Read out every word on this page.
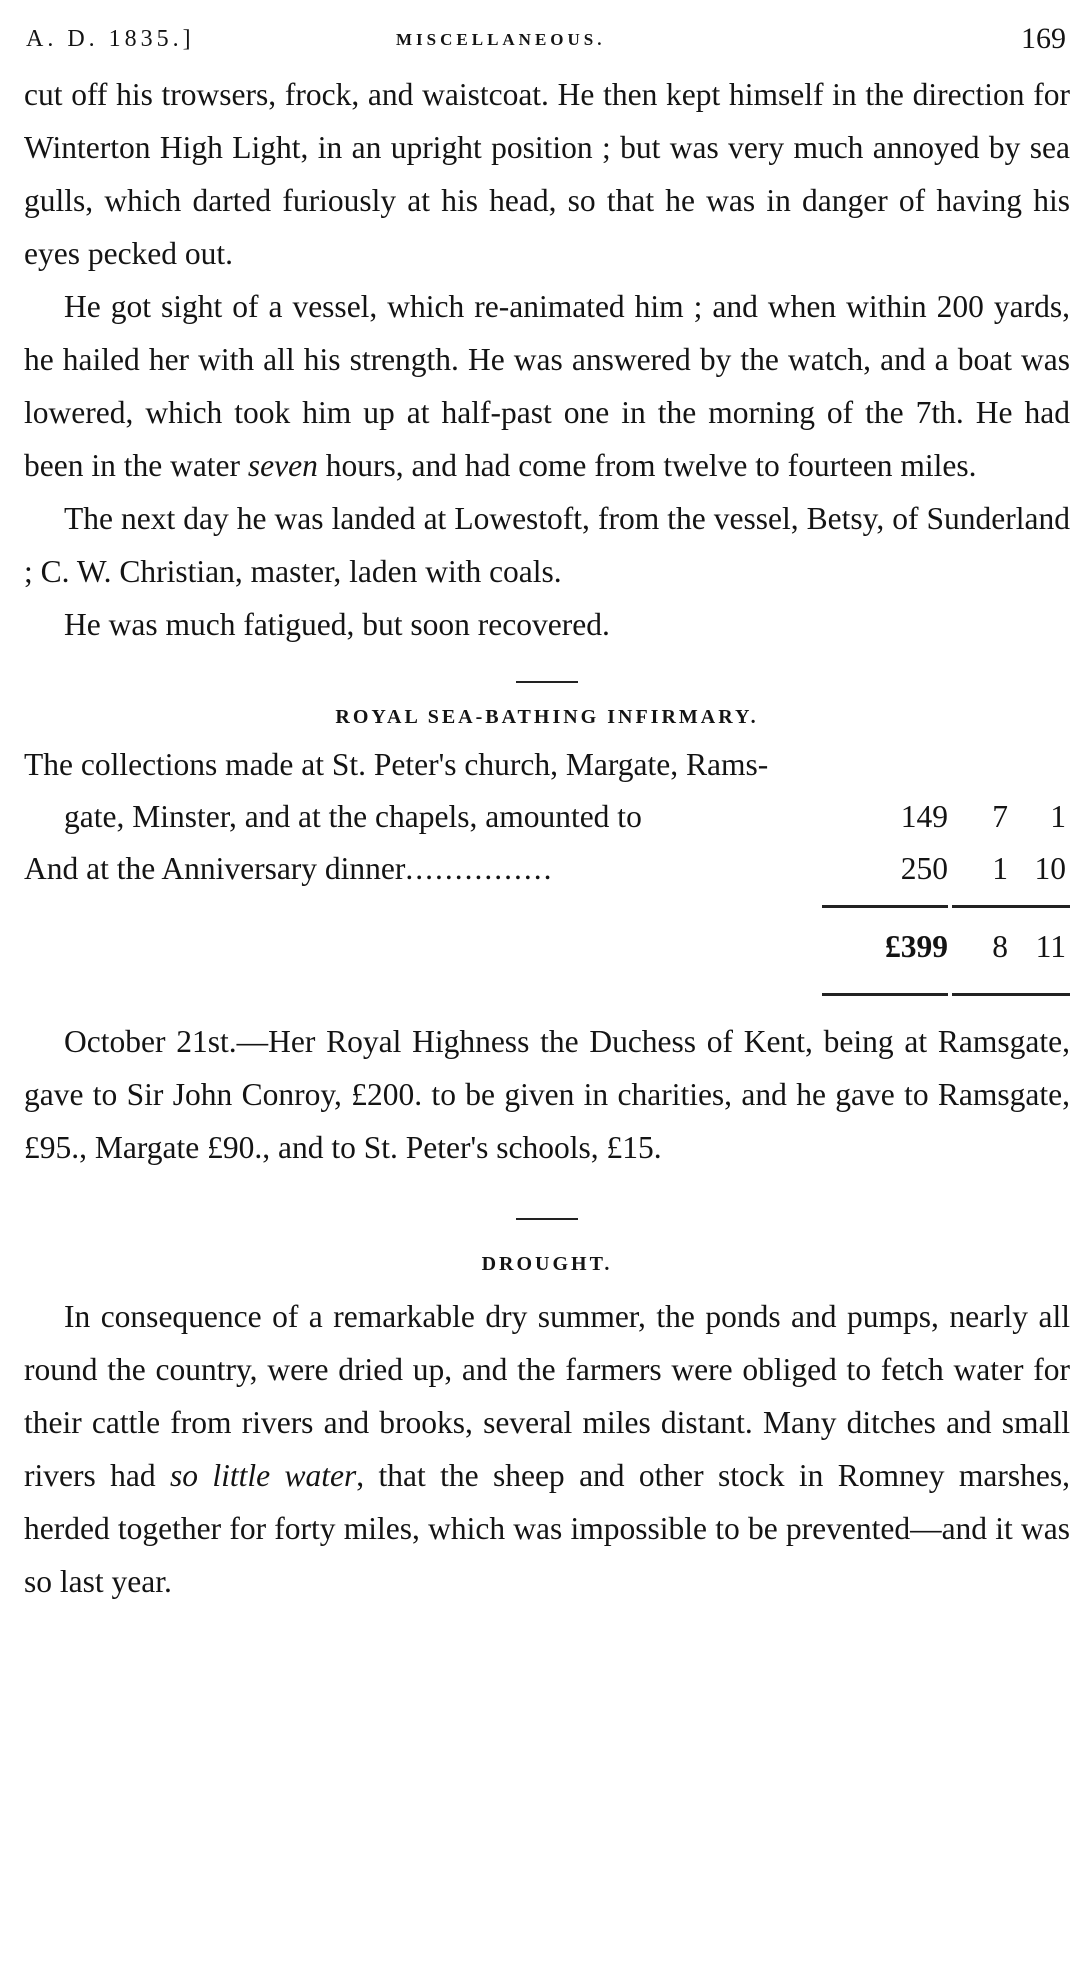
A. D. 1835.]	MISCELLANEOUS.	169

cut off his trowsers, frock, and waistcoat. He then kept himself in the direction for Winterton High Light, in an upright position ; but was very much annoyed by sea gulls, which darted furiously at his head, so that he was in danger of having his eyes pecked out.

He got sight of a vessel, which re-animated him ; and when within 200 yards, he hailed her with all his strength. He was answered by the watch, and a boat was lowered, which took him up at half-past one in the morning of the 7th. He had been in the water seven hours, and had come from twelve to fourteen miles.

The next day he was landed at Lowestoft, from the vessel, Betsy, of Sunderland ; C. W. Christian, master, laden with coals.

He was much fatigued, but soon recovered.

ROYAL SEA-BATHING INFIRMARY.
The collections made at St. Peter's church, Margate, Rams-
gate, Minster, and at the chapels, amounted to	149	7	1
And at the Anniversary dinner...............	250	1 10
£399	8 11

October 21st.—Her Royal Highness the Duchess of Kent, being at Ramsgate, gave to Sir John Conroy, £200. to be given in charities, and he gave to Ramsgate, £95., Margate £90., and to St. Peter's schools, £15.

DROUGHT.

In consequence of a remarkable dry summer, the ponds and pumps, nearly all round the country, were dried up, and the farmers were obliged to fetch water for their cattle from rivers and brooks, several miles distant. Many ditches and small rivers had so little water, that the sheep and other stock in Romney marshes, herded together for forty miles, which was impossible to be prevented—and it was so last year.
